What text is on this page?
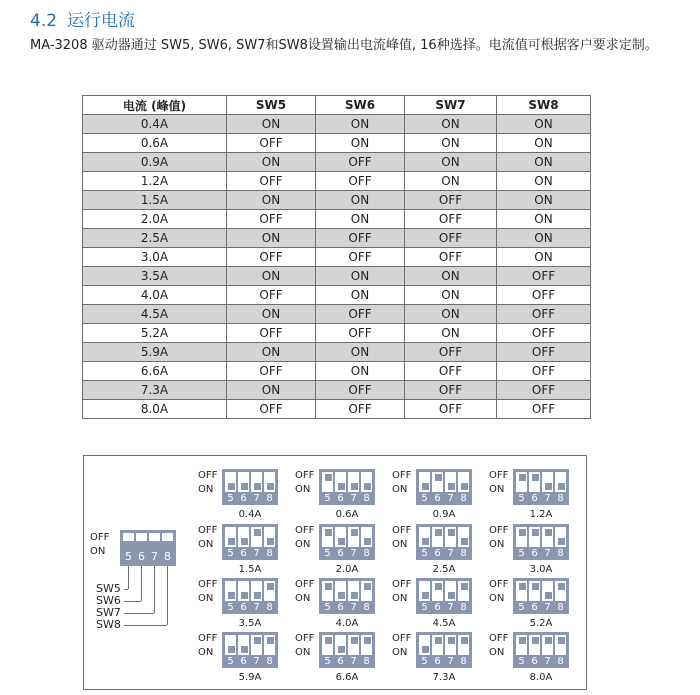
4.2 运行电流
MA-3208 驱动器通过 SW5, SW6, SW7和SW8设置输出电流峰值, 16种选择。电流值可根据客户要求定制。
电流 (峰值)	SW5	SW6	SW7	SW8
0.4A	ON	ON	ON	ON
0.6A	OFF	ON	ON	ON
0.9A	ON	OFF	ON	ON
1.2A	OFF	OFF	ON	ON
1.5A	ON	ON	OFF	ON
2.0A	OFF	ON	OFF	ON
2.5A	ON	OFF	OFF	ON
3.0A	OFF	OFF	OFF	ON
3.5A	ON	ON	ON	OFF
4.0A	OFF	ON	ON	OFF
4.5A	ON	OFF	ON	OFF
5.2A	OFF	OFF	ON	OFF
5.9A	ON	ON	OFF	OFF
6.6A	OFF	ON	OFF	OFF
7.3A	ON	OFF	OFF	OFF
8.0A	OFF	OFF	OFF	OFF
OFF
ON 5 6 7 8
OFF
ON
5 6 7 8
0.4A
OFF
ON
5 6 7 8
0.6A
OFF
ON
5 6 7 8
0.9A
OFF
ON
5 6 7 8
1.2A
OFF
ON
5 6 7 8
1.5A
OFF
ON
5 6 7 8
2.0A
OFF
ON
5 6 7 8
2.5A
OFF
ON
5 6 7 8
3.0A
OFF
ON
5 6 7 8
3.5A
OFF
ON
5 6 7 8
4.0A
OFF
ON
5 6 7 8
4.5A
OFF
ON
5 6 7 8
5.2A
OFF
ON
5 6 7 8
5.9A
OFF
ON
5 6 7 8
6.6A
OFF
ON
5 6 7 8
7.3A
OFF
ON
5 6 7 8
8.0A
SW5
SW6
SW7
SW8
